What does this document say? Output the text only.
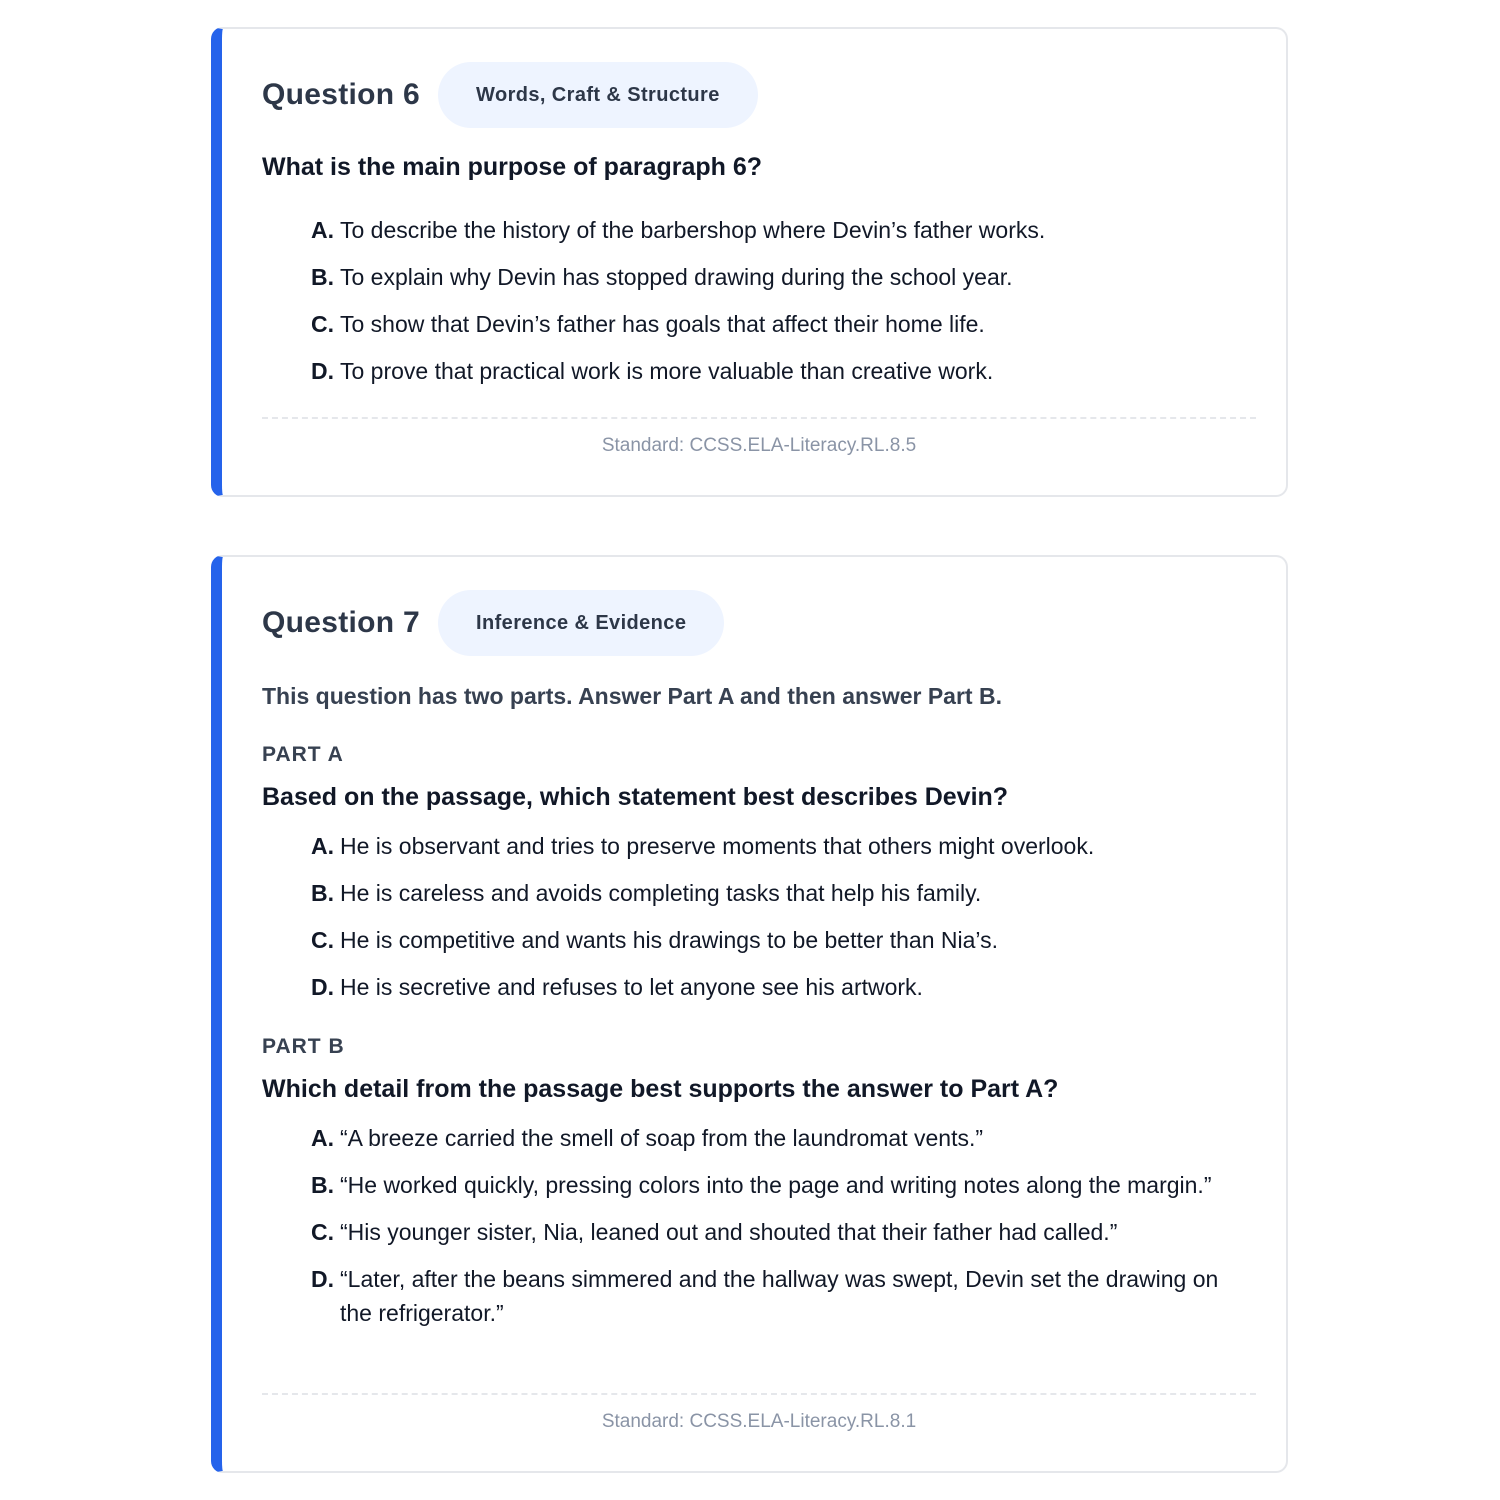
Question 6	Words, Craft & Structure
What is the main purpose of paragraph 6?
A. To describe the history of the barbershop where Devin’s father works.
B. To explain why Devin has stopped drawing during the school year.
C. To show that Devin’s father has goals that affect their home life.
D. To prove that practical work is more valuable than creative work.
Standard: CCSS.ELA-Literacy.RL.8.5
Question 7	Inference & Evidence
This question has two parts. Answer Part A and then answer Part B.
PART A
Based on the passage, which statement best describes Devin?
A. He is observant and tries to preserve moments that others might overlook.
B. He is careless and avoids completing tasks that help his family.
C. He is competitive and wants his drawings to be better than Nia’s.
D. He is secretive and refuses to let anyone see his artwork.
PART B
Which detail from the passage best supports the answer to Part A?
A. “A breeze carried the smell of soap from the laundromat vents.”
B. “He worked quickly, pressing colors into the page and writing notes along the margin.”
C. “His younger sister, Nia, leaned out and shouted that their father had called.”
D. “Later, after the beans simmered and the hallway was swept, Devin set the drawing on the refrigerator.”
Standard: CCSS.ELA-Literacy.RL.8.1
